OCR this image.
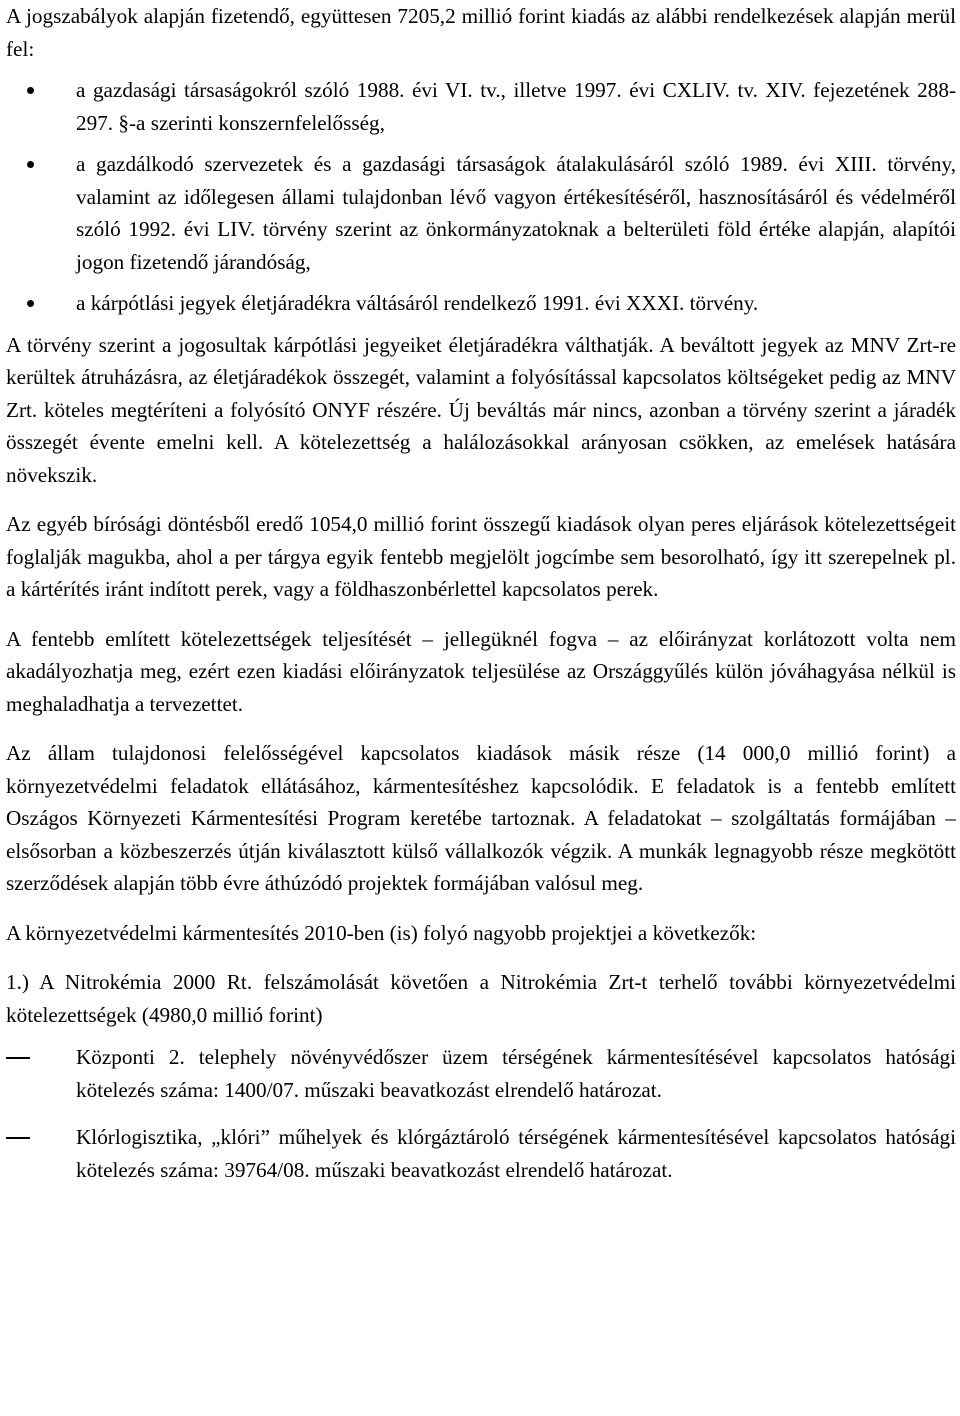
A jogszabályok alapján fizetendő, együttesen 7205,2 millió forint kiadás az alábbi rendelkezések alapján merül fel:

a gazdasági társaságokról szóló 1988. évi VI. tv., illetve 1997. évi CXLIV. tv. XIV. fejezetének 288-297. §-a szerinti konszernfelelősség,
a gazdálkodó szervezetek és a gazdasági társaságok átalakulásáról szóló 1989. évi XIII. törvény, valamint az időlegesen állami tulajdonban lévő vagyon értékesítéséről, hasznosításáról és védelméről szóló 1992. évi LIV. törvény szerint az önkormányzatoknak a belterületi föld értéke alapján, alapítói jogon fizetendő járandóság,
a kárpótlási jegyek életjáradékra váltásáról rendelkező 1991. évi XXXI. törvény.

A törvény szerint a jogosultak kárpótlási jegyeiket életjáradékra válthatják. A beváltott jegyek az MNV Zrt-re kerültek átruházásra, az életjáradékok összegét, valamint a folyósítással kapcsolatos költségeket pedig az MNV Zrt. köteles megtéríteni a folyósító ONYF részére. Új beváltás már nincs, azonban a törvény szerint a járadék összegét évente emelni kell. A kötelezettség a halálozásokkal arányosan csökken, az emelések hatására növekszik.

Az egyéb bírósági döntésből eredő 1054,0 millió forint összegű kiadások olyan peres eljárások kötelezettségeit foglalják magukba, ahol a per tárgya egyik fentebb megjelölt jogcímbe sem besorolható, így itt szerepelnek pl. a kártérítés iránt indított perek, vagy a földhaszonbérlettel kapcsolatos perek.

A fentebb említett kötelezettségek teljesítését – jellegüknél fogva – az előirányzat korlátozott volta nem akadályozhatja meg, ezért ezen kiadási előirányzatok teljesülése az Országgyűlés külön jóváhagyása nélkül is meghaladhatja a tervezettet.

Az állam tulajdonosi felelősségével kapcsolatos kiadások másik része (14 000,0 millió forint) a környezetvédelmi feladatok ellátásához, kármentesítéshez kapcsolódik. E feladatok is a fentebb említett Oszágos Környezeti Kármentesítési Program keretébe tartoznak. A feladatokat – szolgáltatás formájában – elsősorban a közbeszerzés útján kiválasztott külső vállalkozók végzik. A munkák legnagyobb része megkötött szerződések alapján több évre áthúzódó projektek formájában valósul meg.

A környezetvédelmi kármentesítés 2010-ben (is) folyó nagyobb projektjei a következők:

1.) A Nitrokémia 2000 Rt. felszámolását követően a Nitrokémia Zrt-t terhelő további környezetvédelmi kötelezettségek (4980,0 millió forint)

Központi 2. telephely növényvédőszer üzem térségének kármentesítésével kapcsolatos hatósági kötelezés száma: 1400/07. műszaki beavatkozást elrendelő határozat.
Klórlogisztika, „klóri” műhelyek és klórgáztároló térségének kármentesítésével kapcsolatos hatósági kötelezés száma: 39764/08. műszaki beavatkozást elrendelő határozat.
